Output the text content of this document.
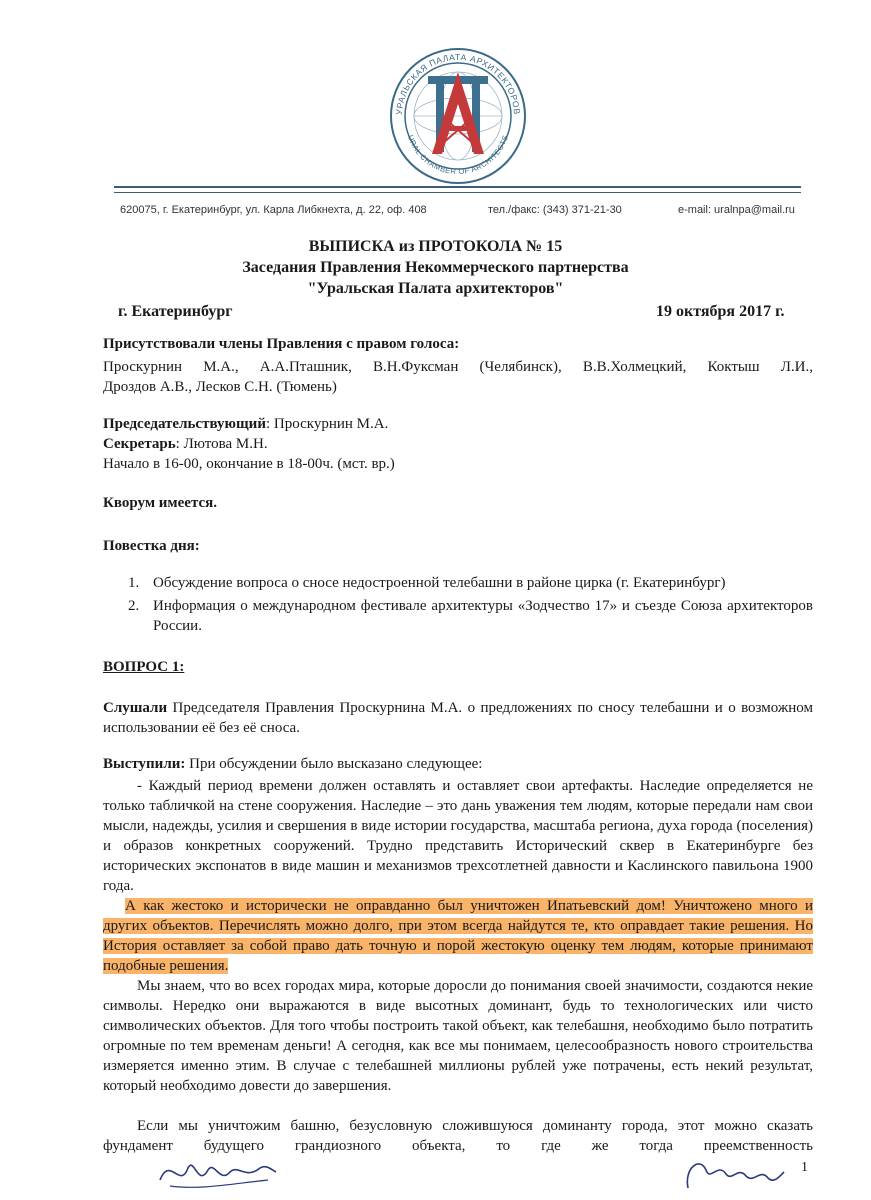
УРАЛЬСКАЯ ПАЛАТА АРХИТЕКТОРОВ
URAL CHAMBER OF ARCHITECTS
620075, г. Екатеринбург, ул. Карла Либкнехта, д. 22, оф. 408	тел./факс: (343) 371-21-30	e-mail: uralnpa@mail.ru
ВЫПИСКА из ПРОТОКОЛА № 15
Заседания Правления Некоммерческого партнерства
"Уральская Палата архитекторов"
г. Екатеринбург	19 октября 2017 г.
Присутствовали члены Правления с правом голоса:
Проскурнин М.А., А.А.Пташник, В.Н.Фуксман (Челябинск), В.В.Холмецкий, Коктыш Л.И.,
Дроздов А.В., Лесков С.Н. (Тюмень)
Председательствующий: Проскурнин М.А.
Секретарь: Лютова М.Н.
Начало в 16-00, окончание в 18-00ч. (мст. вр.)
Кворум имеется.
Повестка дня:
1. Обсуждение вопроса о сносе недостроенной телебашни в районе цирка (г. Екатеринбург)
2. Информация о международном фестивале архитектуры «Зодчество 17» и съезде Союза архитекторов России.
ВОПРОС 1:
Слушали Председателя Правления Проскурнина М.А. о предложениях по сносу телебашни и о возможном использовании её без её сноса.
Выступили: При обсуждении было высказано следующее:
- Каждый период времени должен оставлять и оставляет свои артефакты. Наследие определяется не только табличкой на стене сооружения. Наследие – это дань уважения тем людям, которые передали нам свои мысли, надежды, усилия и свершения в виде истории государства, масштаба региона, духа города (поселения) и образов конкретных сооружений. Трудно представить Исторический сквер в Екатеринбурге без исторических экспонатов в виде машин и механизмов трехсотлетней давности и Каслинского павильона 1900 года.
А как жестоко и исторически не оправданно был уничтожен Ипатьевский дом! Уничтожено много и других объектов. Перечислять можно долго, при этом всегда найдутся те, кто оправдает такие решения. Но История оставляет за собой право дать точную и порой жестокую оценку тем людям, которые принимают подобные решения.
Мы знаем, что во всех городах мира, которые доросли до понимания своей значимости, создаются некие символы. Нередко они выражаются в виде высотных доминант, будь то технологических или чисто символических объектов. Для того чтобы построить такой объект, как телебашня, необходимо было потратить огромные по тем временам деньги! А сегодня, как все мы понимаем, целесообразность нового строительства измеряется именно этим. В случае с телебашней миллионы рублей уже потрачены, есть некий результат, который необходимо довести до завершения.
Если мы уничтожим башню, безусловную сложившуюся доминанту города, этот можно сказать фундамент будущего грандиозного объекта, то где же тогда преемственность
1
